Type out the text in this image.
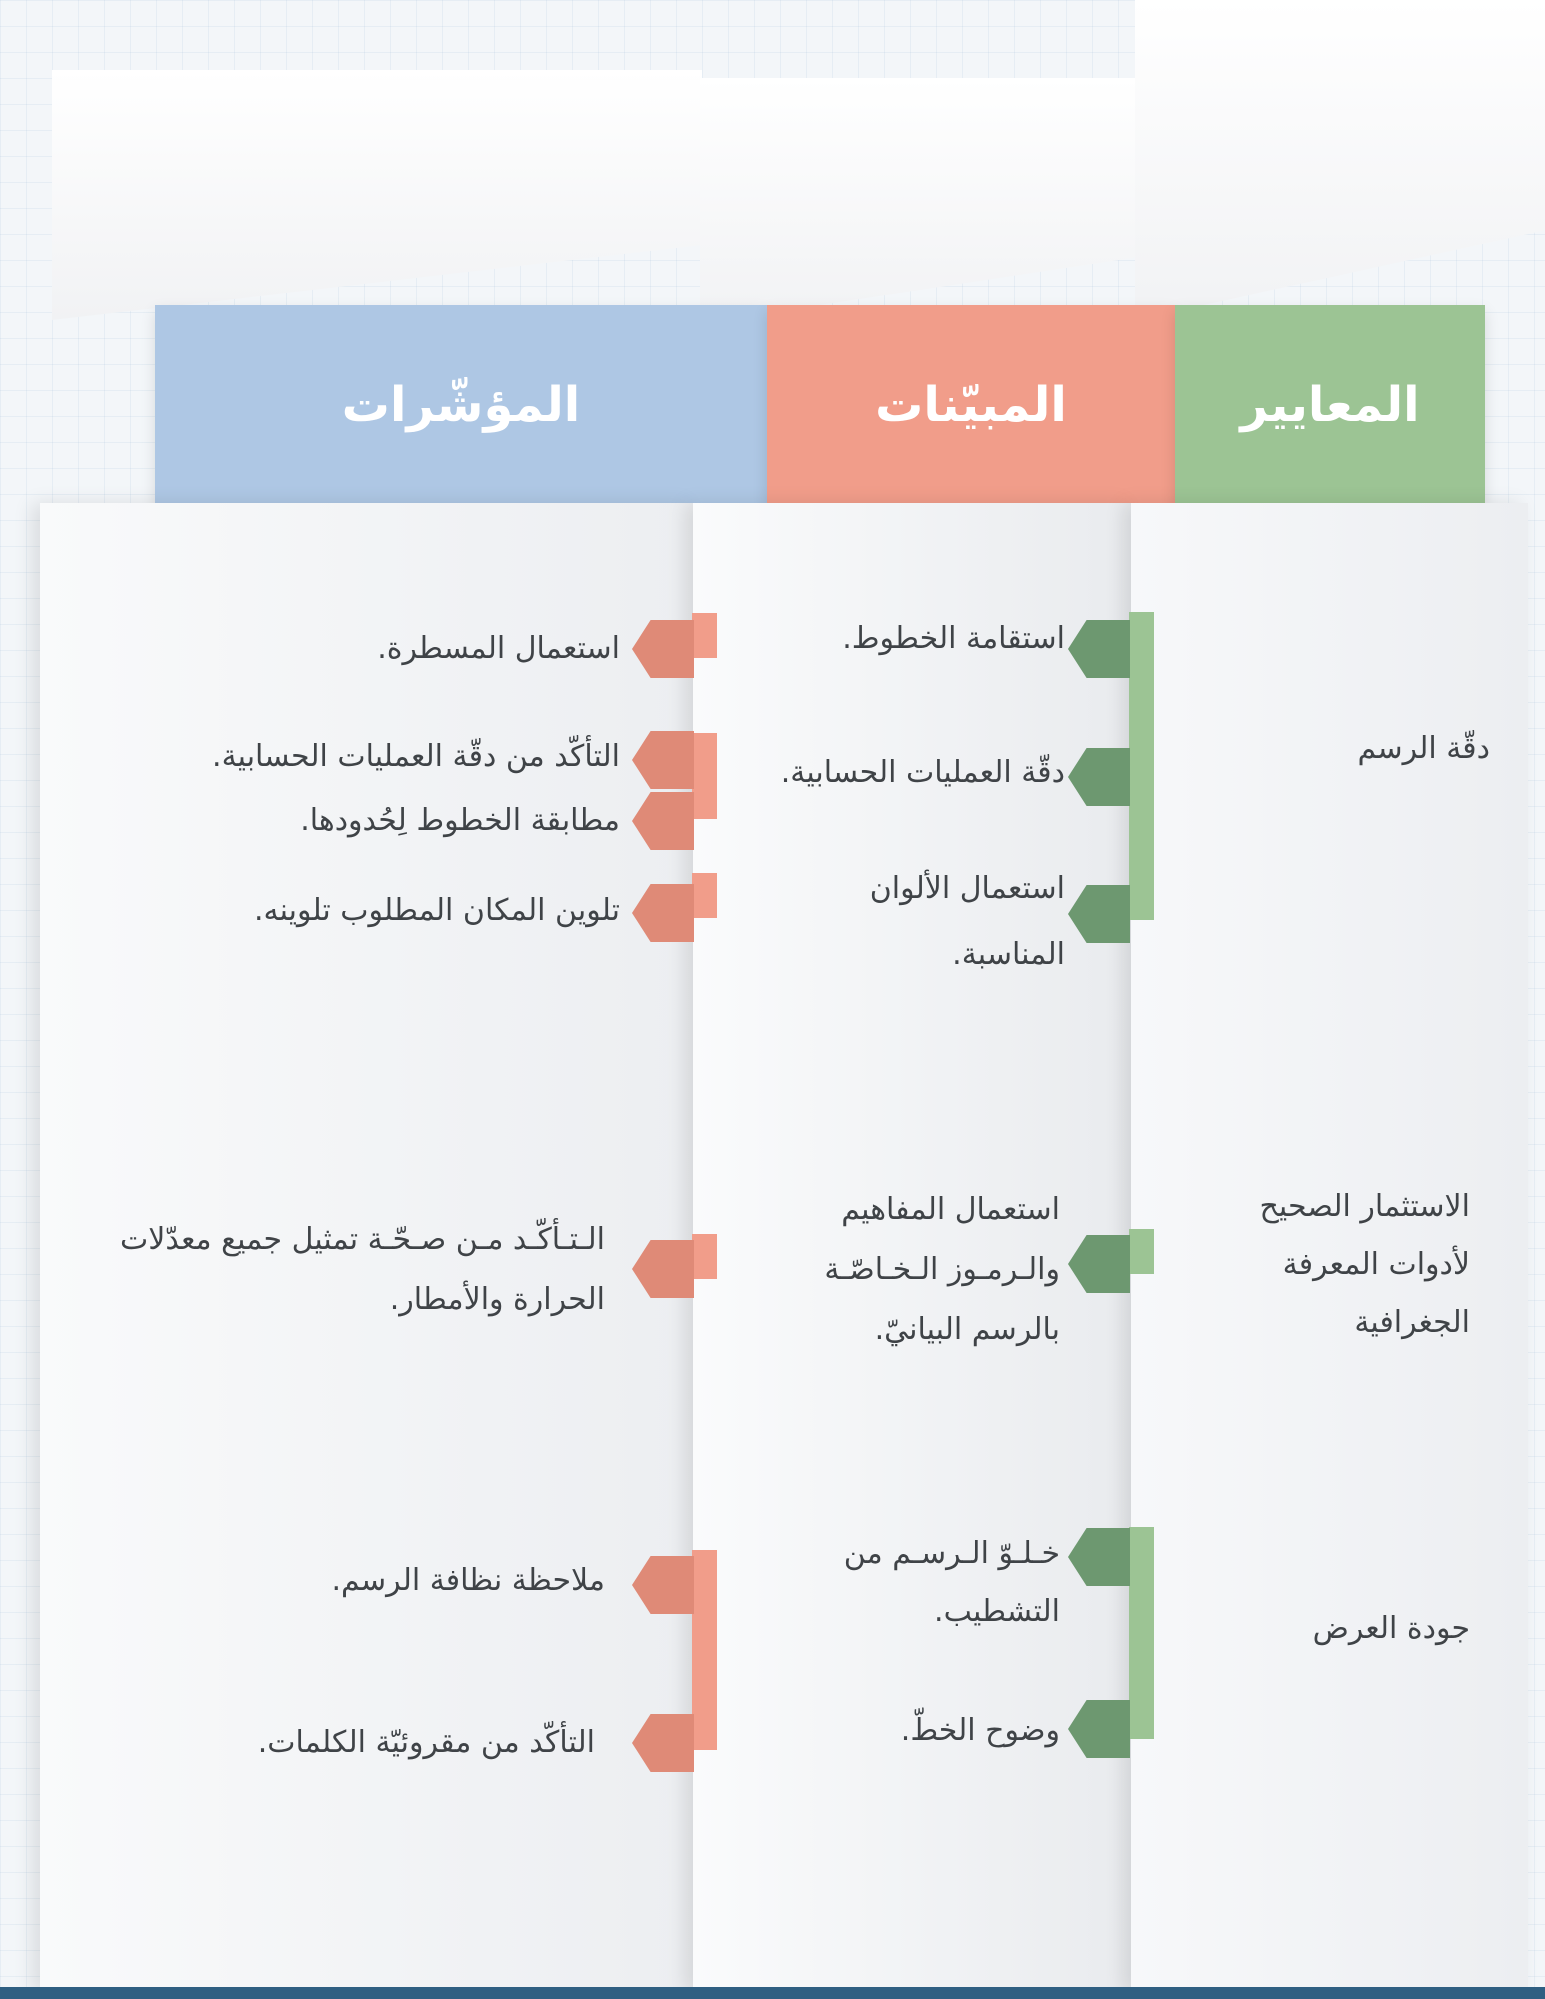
المؤشّرات	المبيّنات	المعايير
دقّة الرسم
الاستثمار الصحيح لأدوات المعرفة الجغرافية
جودة العرض
استقامة الخطوط.
دقّة العمليات الحسابية.
استعمال الألوان المناسبة.
استعمال المفاهيم والـرمـوز الـخـاصّـة بالرسم البيانيّ.
خـلـوّ الـرسـم من التشطيب.
وضوح الخطّ.
استعمال المسطرة.
التأكّد من دقّة العمليات الحسابية.
مطابقة الخطوط لِحُدودها.
تلوين المكان المطلوب تلوينه.
الـتـأكّـد مـن صـحّـة تمثيل جميع معدّلات الحرارة والأمطار.
ملاحظة نظافة الرسم.
التأكّد من مقروئيّة الكلمات.
